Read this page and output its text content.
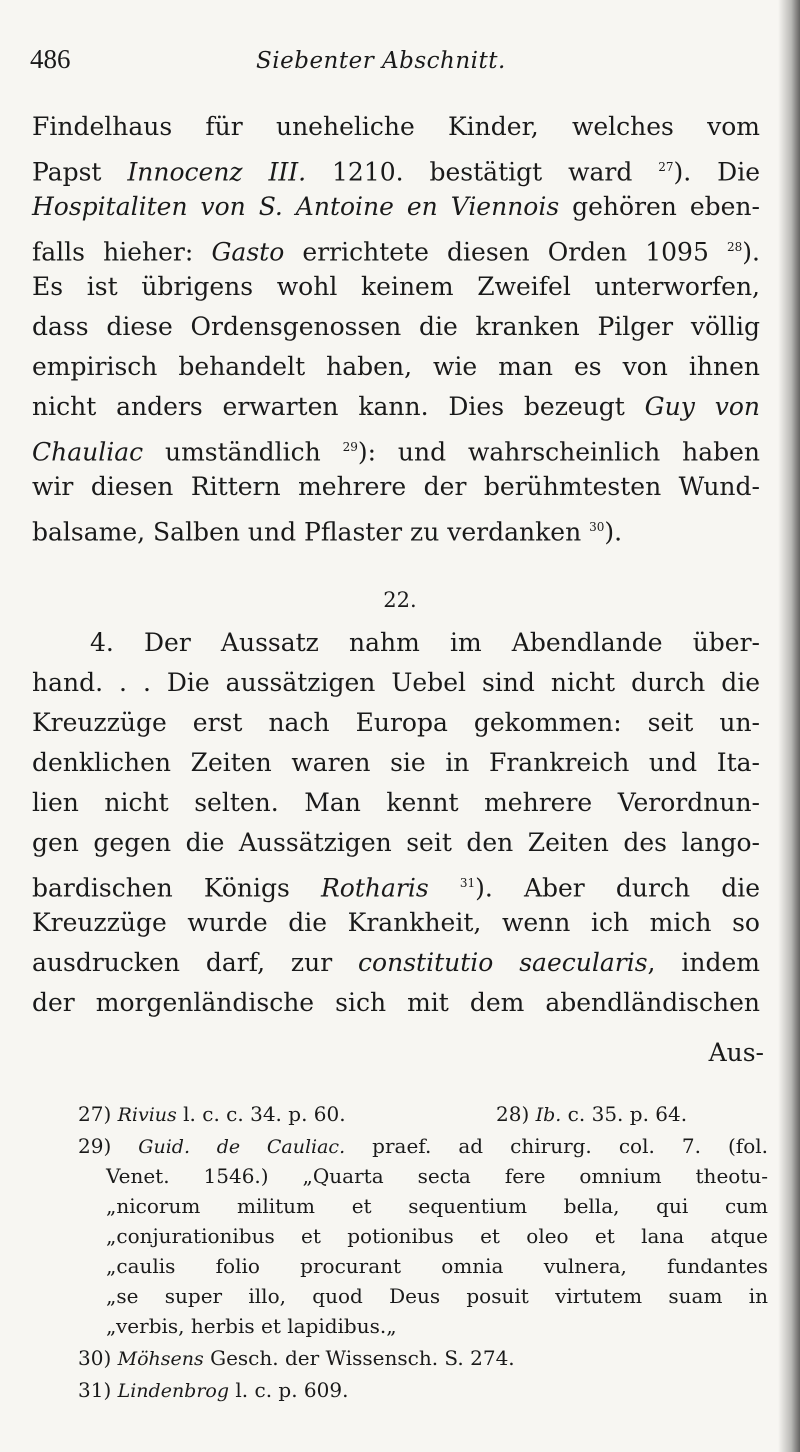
486	Siebenter Abschnitt.
Findelhaus für uneheliche Kinder, welches vom
Papst Innocenz III. 1210. bestätigt ward $^{27}$). Die
Hospitaliten von S. Antoine en Viennois gehören eben-
falls hieher: Gasto errichtete diesen Orden 1095 $^{28}$).
Es ist übrigens wohl keinem Zweifel unterworfen,
dass diese Ordensgenossen die kranken Pilger völlig
empirisch behandelt haben, wie man es von ihnen
nicht anders erwarten kann. Dies bezeugt Guy von
Chauliac umständlich $^{29}$): und wahrscheinlich haben
wir diesen Rittern mehrere der berühmtesten Wund-
balsame, Salben und Pflaster zu verdanken $^{30}$).
22.
4. Der Aussatz nahm im Abendlande über-
hand. . . Die aussätzigen Uebel sind nicht durch die
Kreuzzüge erst nach Europa gekommen: seit un-
denklichen Zeiten waren sie in Frankreich und Ita-
lien nicht selten. Man kennt mehrere Verordnun-
gen gegen die Aussätzigen seit den Zeiten des lango-
bardischen Königs Rotharis	$^{31}$). Aber durch die
Kreuzzüge wurde die Krankheit, wenn ich mich so
ausdrucken darf, zur constitutio saecularis, indem
der morgenländische sich mit dem abendländischen
Aus-
27) Rivius l. c. c. 34. p. 60.	28) Ib. c. 35. p. 64.
29) Guid. de Cauliac. praef. ad chirurg. col. 7. (fol.
Venet. 1546.) „Quarta secta fere omnium theotu-
„nicorum militum et sequentium bella, qui cum
„conjurationibus et potionibus et oleo et lana atque
„caulis folio procurant omnia vulnera, fundantes
„se super illo, quod Deus posuit virtutem suam in
„verbis, herbis et lapidibus.„
30) Möhsens Gesch. der Wissensch. S. 274.
31) Lindenbrog l. c. p. 609.
